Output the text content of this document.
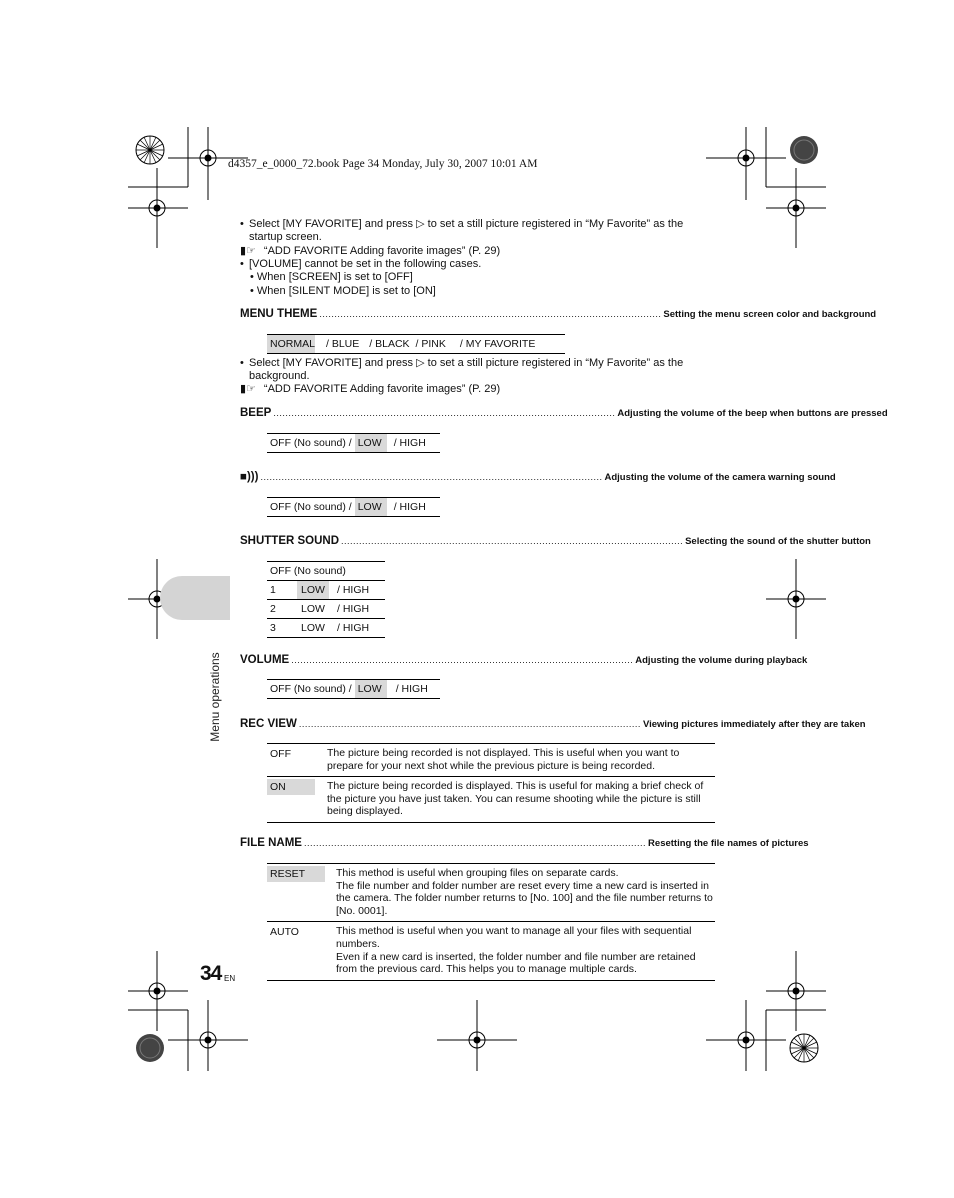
d4357_e_0000_72.book Page 34 Monday, July 30, 2007 10:01 AM
• Select [MY FAVORITE] and press ▷ to set a still picture registered in “My Favorite” as the
startup screen.
▮☞ “ADD FAVORITE Adding favorite images” (P. 29)
• [VOLUME] cannot be set in the following cases.
• When [SCREEN] is set to [OFF]
• When [SILENT MODE] is set to [ON]
MENU THEME .................................................................................................................. Setting the menu screen color and background
NORMAL / BLUE / BLACK / PINK / MY FAVORITE
• Select [MY FAVORITE] and press ▷ to set a still picture registered in “My Favorite” as the
background.
▮☞ “ADD FAVORITE Adding favorite images” (P. 29)
BEEP .................................................................................................................. Adjusting the volume of the beep when buttons are pressed
OFF (No sound) / LOW / HIGH
■))) .................................................................................................................. Adjusting the volume of the camera warning sound
OFF (No sound) / LOW / HIGH
SHUTTER SOUND .................................................................................................................. Selecting the sound of the shutter button
OFF (No sound)
1	LOW	/ HIGH
2 LOW / HIGH
3 LOW / HIGH
Menu operations VOLUME .................................................................................................................. Adjusting the volume during playback
OFF (No sound) / LOW / HIGH
REC VIEW .................................................................................................................. Viewing pictures immediately after they are taken
OFF	The picture being recorded is not displayed. This is useful when you want to prepare for your next shot while the previous picture is being recorded.
ON	The picture being recorded is displayed. This is useful for making a brief check of the picture you have just taken. You can resume shooting while the picture is still being displayed.
FILE NAME .................................................................................................................. Resetting the file names of pictures
RESET	This method is useful when grouping files on separate cards.
The file number and folder number are reset every time a new card is inserted in the camera. The folder number returns to [No. 100] and the file number returns to [No. 0001].
AUTO	This method is useful when you want to manage all your files with sequential numbers.
Even if a new card is inserted, the folder number and file number are retained from the previous card. This helps you to manage multiple cards.
34 EN
